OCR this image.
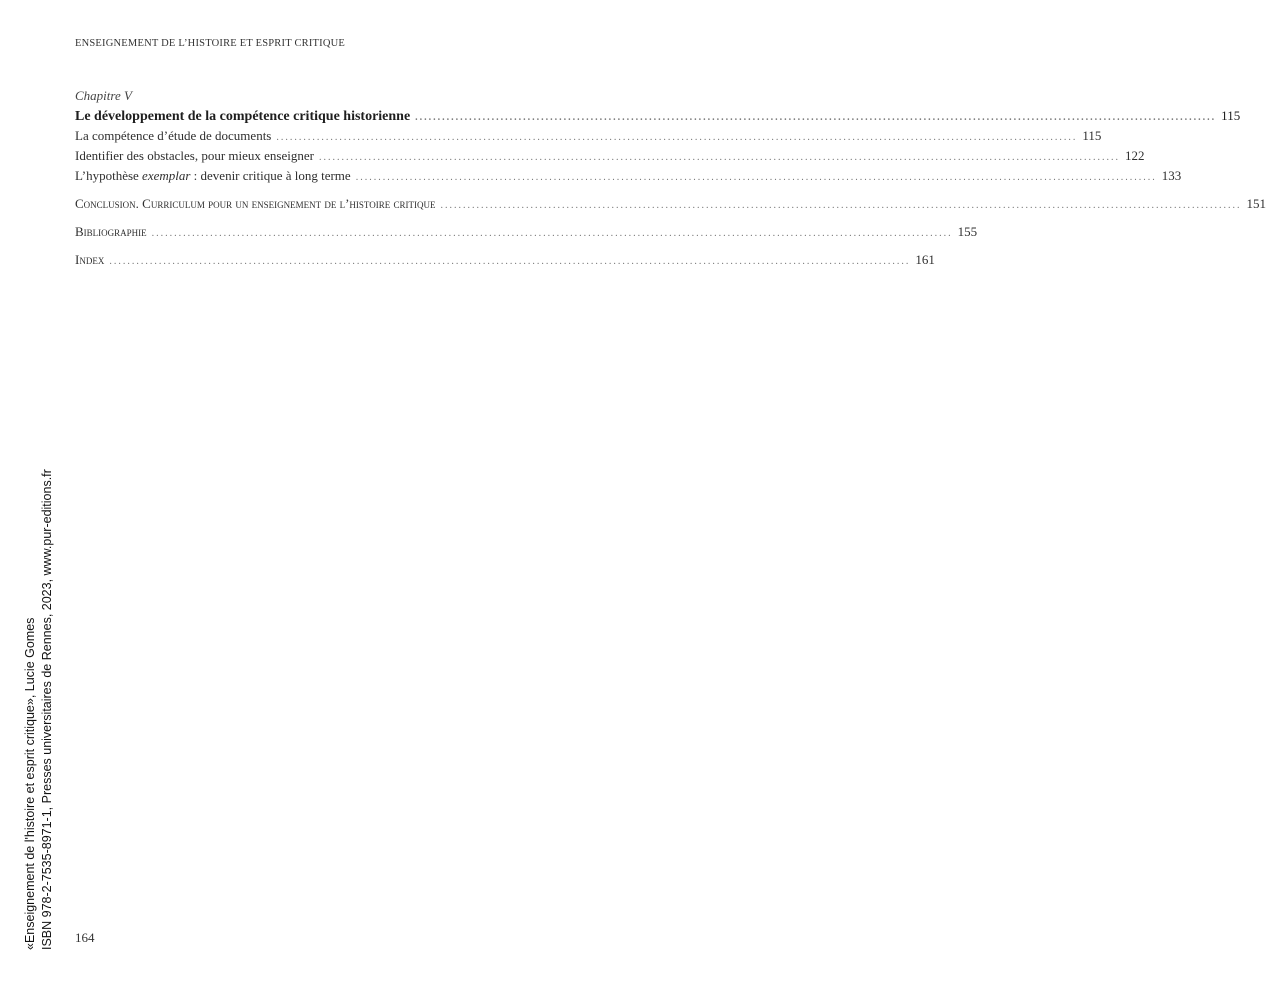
ENSEIGNEMENT DE L’HISTOIRE ET ESPRIT CRITIQUE
Chapitre V
Le développement de la compétence critique historienne .................................................................................................................................................................................. 115
La compétence d’étude de documents .................................................................................................................................................................................. 115
Identifier des obstacles, pour mieux enseigner .................................................................................................................................................................................. 122
L’hypothèse exemplar : devenir critique à long terme .................................................................................................................................................................................. 133
Conclusion. Curriculum pour un enseignement de l’histoire critique .................................................................................................................................................................................. 151
Bibliographie .................................................................................................................................................................................. 155
Index .................................................................................................................................................................................. 161
164
«Enseignement de l'histoire et esprit critique», Lucie Gomes ISBN 978-2-7535-8971-1, Presses universitaires de Rennes, 2023, www.pur-editions.fr
